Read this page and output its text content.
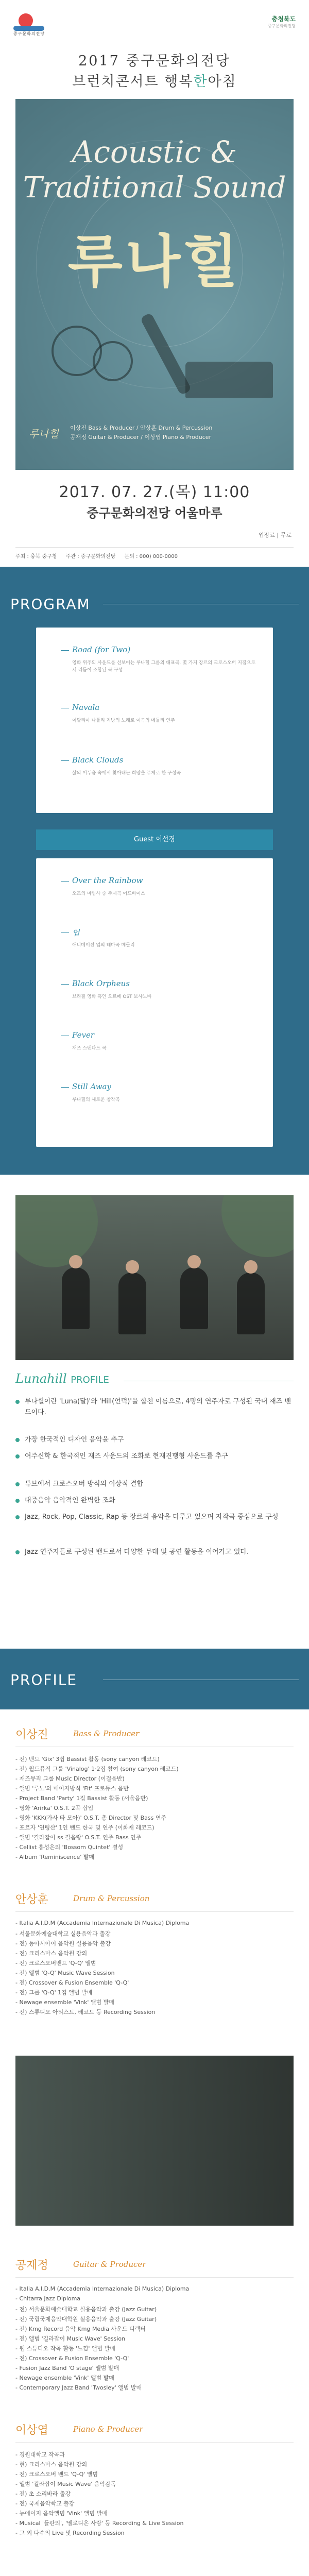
중구문화의전당
충청북도
중구문화의전당
2017 중구문화의전당
브런치콘서트 행복한아침
Acoustic &
Traditional Sound
루나힐
루나힐 이상진 Bass & Producer / 안상훈 Drum & Percussion
공재정 Guitar & Producer / 이상엽 Piano & Producer
2017. 07. 27.(목) 11:00
중구문화의전당 어울마루
입장료 | 무료
주최 : 충북 중구청 주관 : 중구문화의전당 문의 : 000) 000-0000
PROGRAM
Road (for Two)
영화 위주의 사운드를 선보이는 루나힐 그룹의 대표곡. 몇 가지 장르의 크로스오버 지점으로서 리듬이 조합된 곡 구성
Navala
이탈리아 나폴리 지방의 노래로 이곡의 메들리 연주
Black Clouds
삶의 어두움 속에서 찾아내는 희망을 주제로 한 구성곡
Guest 이선경
Over the Rainbow
오즈의 마법사 중 주제곡 어드바이스
업
애니메이션 업의 테마곡 메들리
Black Orpheus
브라질 영화 흑인 오르페 OST 보사노바
Fever
재즈 스탠다드 곡
Still Away
루나힐의 새로운 창작곡
Lunahill PROFILE
루나힐이란 'Luna(달)'와 'Hill(언덕)'을 합친 이름으로, 4명의 연주자로 구성된 국내 재즈 밴드이다.
가장 한국적인 디자인 음악을 추구
여주신학 & 한국적인 재즈 사운드의 조화로 현재진행형 사운드를 추구
튜브에서 크로스오버 방식의 이상적 결합
대중음악 음악적인 완벽한 조화
Jazz, Rock, Pop, Classic, Rap 등 장르의 음악을 다루고 있으며 자작곡 중심으로 구성
Jazz 연주자들로 구성된 밴드로서 다양한 무대 및 공연 활동을 이어가고 있다.
PROFILE
이상진	Bass & Producer
- 전) 밴드 'Gix' 3집 Bassist 활동 (sony canyon 레코드)
- 전) 월드뮤직 그룹 'Vinalog' 1·2집 참여 (sony canyon 레코드)
- 재즈뮤직 그룹 Music Director (이결음반)
- 앨범 '루노'의 메이저방식 'Fit' 프로듀스 음반
- Project Band 'Party' 1집 Bassist 활동 (서울음반)
- 영화 'Arirka' O.S.T. 2곡 삽입
- 영화 'KKK(가사 타 모아)' O.S.T. 총 Director 및 Bass 연주
- 포르자 '연령산' 1인 밴드 한국 및 연주 (이화재 레코드)
- 앨범 '길라잡이 ss 길음랑' O.S.T. 연주 Bass 연주
- Cellist 홍성은의 'Bossom Quintet' 결성
- Album 'Reminiscence' 발매
안상훈	Drum & Percussion
- Italia A.I.D.M (Accademia Internazionale Di Musica) Diploma
- 서울문화예술대학교 실용음악과 출강
- 전) 동아시아어 음악원 실용음악 출강
- 전) 크리스마스 음악원 강의
- 전) 크로스오버밴드 'Q-Q' 앨범
- 전) 앨범 'Q-Q' Music Wave Session
- 전) Crossover & Fusion Ensemble 'Q-Q'
- 전) 그룹 'Q-Q' 1집 앨범 발매
- Newage ensemble 'Vink' 앨범 발매
- 전) 스튜디오 아티스트, 레코드 등 Recording Session
공재정	Guitar & Producer
- Italia A.I.D.M (Accademia Internazionale Di Musica) Diploma
- Chitarra Jazz Diploma
- 전) 서울문화예술대학교 실용음악과 출강 (Jazz Guitar)
- 전) 국립국제음악대학원 실용음악과 출강 (Jazz Guitar)
- 전) Kmg Record 음악 Kmg Media 사운드 디렉터
- 전) 앨범 '길라잡이 Music Wave' Session
- 웹 스튜디오 작곡 활동 '느낌' 앨범 발매
- 전) Crossover & Fusion Ensemble 'Q-Q'
- Fusion Jazz Band 'O stage' 앨범 발매
- Newage ensemble 'Vink' 앨범 발매
- Contemporary Jazz Band 'Twosley' 앨범 발매
이상엽	Piano & Producer
- 경원대학교 작곡과
- 현) 크리스마스 음악원 강의
- 전) 크로스오버 밴드 'Q-Q' 앨범
- 앨범 '길라잡이 Music Wave' 음악감독
- 전) 초 소리바라 출강
- 전) 국제음악학교 출강
- 뉴에이지 음악앨범 'Vink' 앨범 발매
- Musical '들판의', '멜로디온 사랑' 등 Recording & Live Session
- 그 외 다수의 Live 및 Recording Session
